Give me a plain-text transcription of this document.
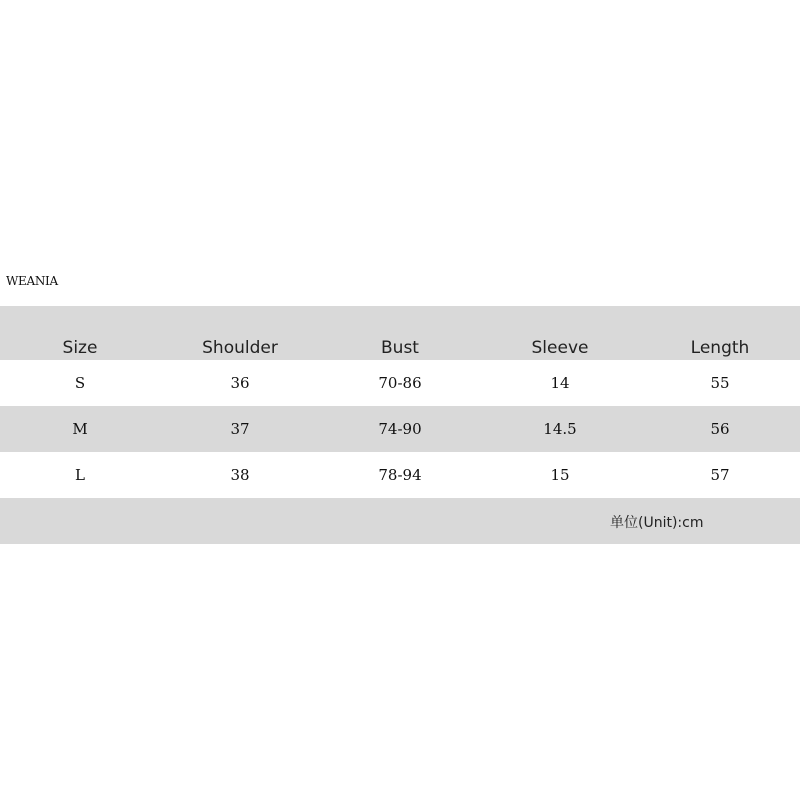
WEANIA
Size	Shoulder	Bust	Sleeve	Length
S	36	70-86	14	55
M	37	74-90	14.5	56
L	38	78-94	15	57
单位(Unit):cm
